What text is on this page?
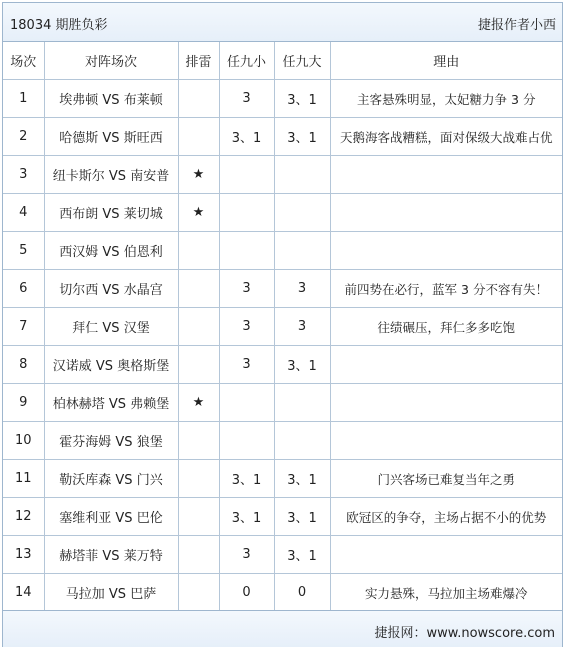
18034 期胜负彩	捷报作者小西
场次	对阵场次	排雷	任九小	任九大	理由
1	埃弗顿 VS 布莱顿		3	3、1	主客悬殊明显，太妃糖力争 3 分
2	哈德斯 VS 斯旺西		3、1	3、1	天鹅海客战糟糕，面对保级大战难占优
3	纽卡斯尔 VS 南安普	★			
4	西布朗 VS 莱切城	★			
5	西汉姆 VS 伯恩利				
6	切尔西 VS 水晶宫		3	3	前四势在必行，蓝军 3 分不容有失！
7	拜仁 VS 汉堡		3	3	往绩碾压，拜仁多多吃饱
8	汉诺威 VS 奥格斯堡		3	3、1	
9	柏林赫塔 VS 弗赖堡	★			
10	霍芬海姆 VS 狼堡				
11	勒沃库森 VS 门兴		3、1	3、1	门兴客场已难复当年之勇
12	塞维利亚 VS 巴伦		3、1	3、1	欧冠区的争夺，主场占据不小的优势
13	赫塔菲 VS 莱万特		3	3、1	
14	马拉加 VS 巴萨		0	0	实力悬殊，马拉加主场难爆冷
捷报网：www.nowscore.com
